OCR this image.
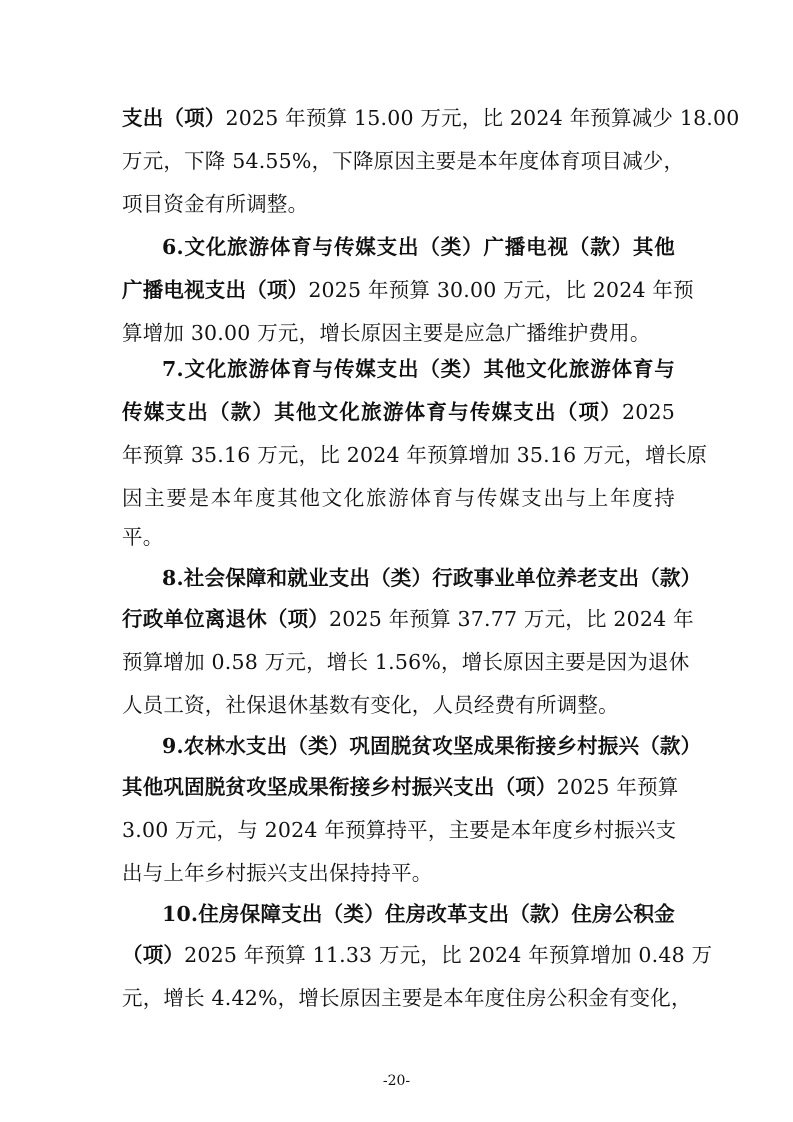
支出（项）2025 年预算 15.00 万元，比 2024 年预算减少 18.00
万元，下降 54.55%，下降原因主要是本年度体育项目减少，
项目资金有所调整。
6.文化旅游体育与传媒支出（类）广播电视（款）其他
广播电视支出（项）2025 年预算 30.00 万元，比 2024 年预
算增加 30.00 万元，增长原因主要是应急广播维护费用。
7.文化旅游体育与传媒支出（类）其他文化旅游体育与
传媒支出（款）其他文化旅游体育与传媒支出（项）2025
年预算 35.16 万元，比 2024 年预算增加 35.16 万元，增长原
因主要是本年度其他文化旅游体育与传媒支出与上年度持
平。
8.社会保障和就业支出（类）行政事业单位养老支出（款）
行政单位离退休（项）2025 年预算 37.77 万元，比 2024 年
预算增加 0.58 万元，增长 1.56%，增长原因主要是因为退休
人员工资，社保退休基数有变化，人员经费有所调整。
9.农林水支出（类）巩固脱贫攻坚成果衔接乡村振兴（款）
其他巩固脱贫攻坚成果衔接乡村振兴支出（项）2025 年预算
3.00 万元，与 2024 年预算持平，主要是本年度乡村振兴支
出与上年乡村振兴支出保持持平。
10.住房保障支出（类）住房改革支出（款）住房公积金
（项）2025 年预算 11.33 万元，比 2024 年预算增加 0.48 万
元，增长 4.42%，增长原因主要是本年度住房公积金有变化，
-20-
